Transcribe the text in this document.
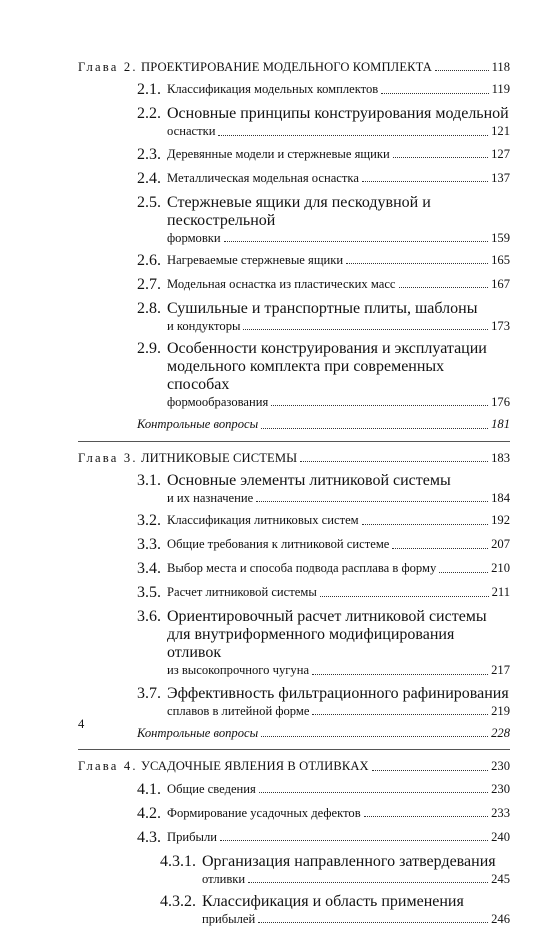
Глава 2. ПРОЕКТИРОВАНИЕ МОДЕЛЬНОГО КОМПЛЕКТА	118
2.1. Классификация модельных комплектов	119
2.2. Основные принципы конструирования модельной
оснастки	121
2.3. Деревянные модели и стержневые ящики	127
2.4. Металлическая модельная оснастка	137
2.5. Стержневые ящики для пескодувной и пескострельной
формовки	159
2.6. Нагреваемые стержневые ящики	165
2.7. Модельная оснастка из пластических масс	167
2.8. Сушильные и транспортные плиты, шаблоны
и кондукторы	173
2.9. Особенности конструирования и эксплуатации
модельного комплекта при современных способах
формообразования	176
Контрольные вопросы	181
Глава 3. ЛИТНИКОВЫЕ СИСТЕМЫ	183
3.1. Основные элементы литниковой системы
и их назначение	184
3.2. Классификация литниковых систем	192
3.3. Общие требования к литниковой системе	207
3.4. Выбор места и способа подвода расплава в форму	210
3.5. Расчет литниковой системы	211
3.6. Ориентировочный расчет литниковой системы
для внутриформенного модифицирования отливок
из высокопрочного чугуна	217
3.7. Эффективность фильтрационного рафинирования
сплавов в литейной форме	219
Контрольные вопросы	228
Глава 4. УСАДОЧНЫЕ ЯВЛЕНИЯ В ОТЛИВКАХ	230
4.1. Общие сведения	230
4.2. Формирование усадочных дефектов	233
4.3. Прибыли	240
4.3.1. Организация направленного затвердевания
отливки	245
4.3.2. Классификация и область применения
прибылей	246
4
